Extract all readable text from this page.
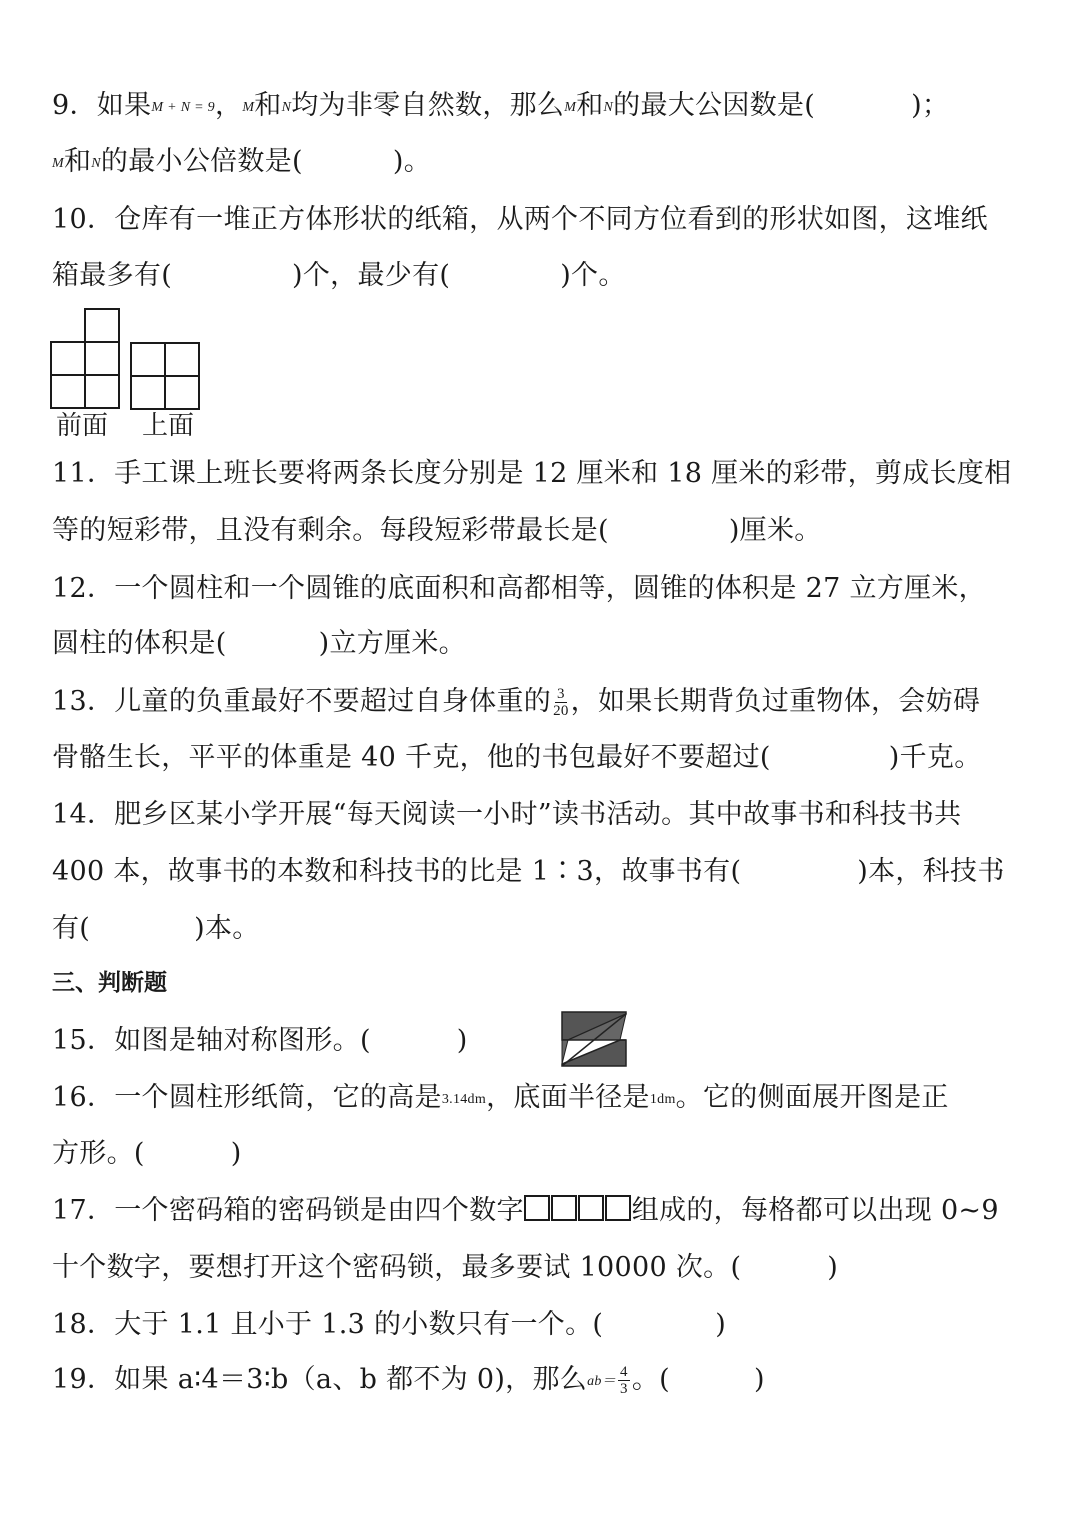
9．如果M + N = 9，M和N均为非零自然数，那么M和N的最大公因数是(	)；
M和N的最小公倍数是(	)。
10．仓库有一堆正方体形状的纸箱，从两个不同方位看到的形状如图，这堆纸
箱最多有(	)个，最少有(	)个。
前面 上面
11．手工课上班长要将两条长度分别是 12 厘米和 18 厘米的彩带，剪成长度相
等的短彩带，且没有剩余。每段短彩带最长是(	)厘米。
12．一个圆柱和一个圆锥的底面积和高都相等，圆锥的体积是 27 立方厘米，
圆柱的体积是(	)立方厘米。
13．儿童的负重最好不要超过自身体重的 $\frac{3}{20}$ ，如果长期背负过重物体，会妨碍
骨骼生长，平平的体重是 40 千克，他的书包最好不要超过(	)千克。
14．肥乡区某小学开展“每天阅读一小时”读书活动。其中故事书和科技书共
400 本，故事书的本数和科技书的比是 1∶3，故事书有(	)本，科技书
有(	)本。
三、判断题
15．如图是轴对称图形。(	)
16．一个圆柱形纸筒，它的高是3.14dm，底面半径是1dm。它的侧面展开图是正
方形。(	)
17．一个密码箱的密码锁是由四个数字	组成的，每格都可以出现 0~9
十个数字，要想打开这个密码锁，最多要试 10000 次。(	)
18．大于 1.1 且小于 1.3 的小数只有一个。(	)
19．如果 a∶4＝3∶b（a、b 都不为 0)，那么$ab= \frac{4}{3}$ 。(	)
